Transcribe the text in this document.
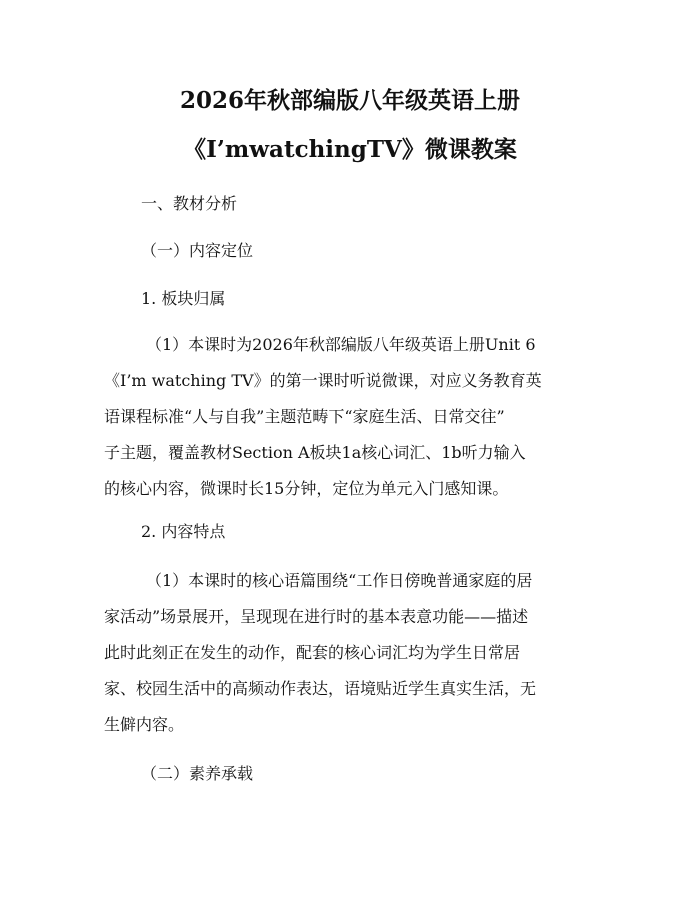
2026年秋部编版八年级英语上册
《I’mwatchingTV》微课教案
一、教材分析
（一）内容定位
1. 板块归属
（1）本课时为2026年秋部编版八年级英语上册Unit 6
《I’m watching TV》的第一课时听说微课，对应义务教育英
语课程标准“人与自我”主题范畴下“家庭生活、日常交往”
子主题，覆盖教材Section A板块1a核心词汇、1b听力输入
的核心内容，微课时长15分钟，定位为单元入门感知课。
2. 内容特点
（1）本课时的核心语篇围绕“工作日傍晚普通家庭的居
家活动”场景展开，呈现现在进行时的基本表意功能——描述
此时此刻正在发生的动作，配套的核心词汇均为学生日常居
家、校园生活中的高频动作表达，语境贴近学生真实生活，无
生僻内容。
（二）素养承载
